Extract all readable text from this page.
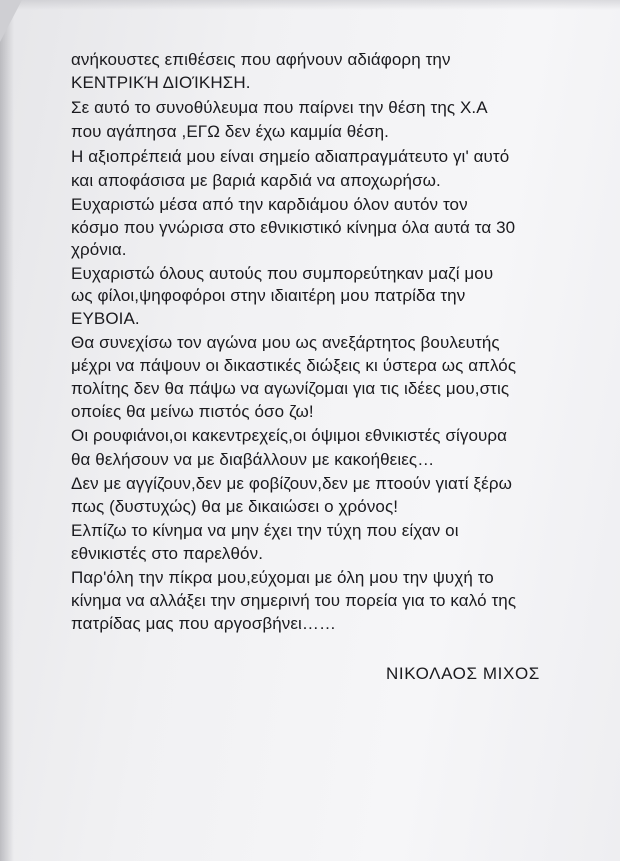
ανήκουστες επιθέσεις που αφήνουν αδιάφορη την
ΚΕΝΤΡΙΚΉ ΔΙΟΊΚΗΣΗ.
Σε αυτό το συνοθύλευμα που παίρνει την θέση της Χ.Α
που αγάπησα ,ΕΓΩ δεν έχω καμμία θέση.
Η αξιοπρέπειά μου είναι σημείο αδιαπραγμάτευτο γι' αυτό
και αποφάσισα με βαριά καρδιά να αποχωρήσω.
Ευχαριστώ μέσα από την καρδιάμου όλον αυτόν τον
κόσμο που γνώρισα στο εθνικιστικό κίνημα όλα αυτά τα 30
χρόνια.
Ευχαριστώ όλους αυτούς που συμπορεύτηκαν μαζί μου
ως φίλοι,ψηφοφόροι στην ιδιαιτέρη μου πατρίδα την
ΕΥΒΟΙΑ.
Θα συνεχίσω τον αγώνα μου ως ανεξάρτητος βουλευτής
μέχρι να πάψουν οι δικαστικές διώξεις κι ύστερα ως απλός
πολίτης δεν θα πάψω να αγωνίζομαι για τις ιδέες μου,στις
οποίες θα μείνω πιστός όσο ζω!
Οι ρουφιάνοι,οι κακεντρεχείς,οι όψιμοι εθνικιστές σίγουρα
θα θελήσουν να με διαβάλλουν με κακοήθειες…
Δεν με αγγίζουν,δεν με φοβίζουν,δεν με πτοούν γιατί ξέρω
πως (δυστυχώς) θα με δικαιώσει ο χρόνος!
Ελπίζω το κίνημα να μην έχει την τύχη που είχαν οι
εθνικιστές στο παρελθόν.
Παρ'όλη την πίκρα μου,εύχομαι με όλη μου την ψυχή το
κίνημα να αλλάξει την σημερινή του πορεία για το καλό της
πατρίδας μας που αργοσβήνει……
ΝΙΚΟΛΑΟΣ ΜΙΧΟΣ
